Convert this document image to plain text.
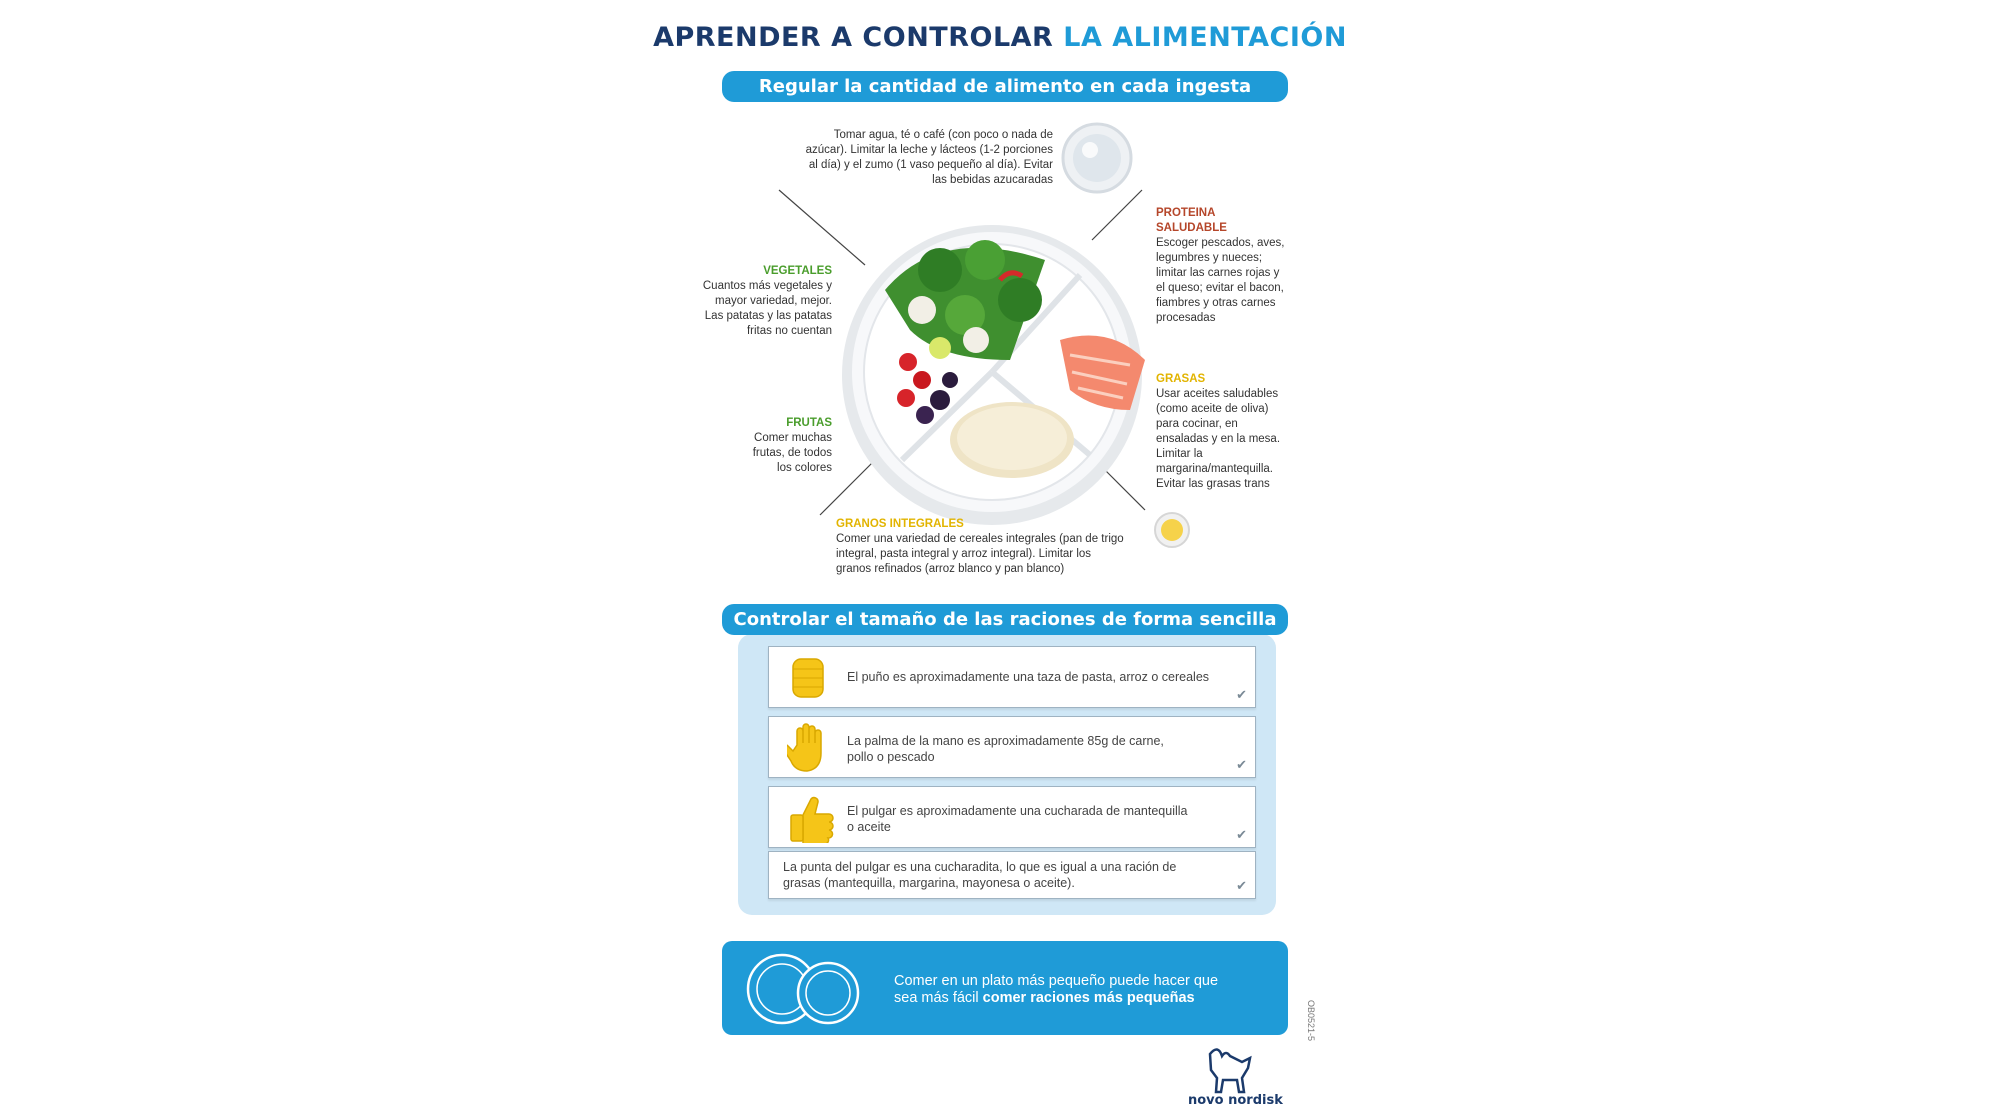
APRENDER A CONTROLAR LA ALIMENTACIÓN
Regular la cantidad de alimento en cada ingesta
Tomar agua, té o café (con poco o nada de azúcar). Limitar la leche y lácteos (1-2 porciones al día) y el zumo (1 vaso pequeño al día). Evitar las bebidas azucaradas
VEGETALES
Cuantos más vegetales y mayor variedad, mejor. Las patatas y las patatas fritas no cuentan
FRUTAS
Comer muchas frutas, de todos los colores
GRANOS INTEGRALES
Comer una variedad de cereales integrales (pan de trigo integral, pasta integral y arroz integral). Limitar los granos refinados (arroz blanco y pan blanco)
PROTEINA SALUDABLE
Escoger pescados, aves, legumbres y nueces; limitar las carnes rojas y el queso; evitar el bacon, fiambres y otras carnes procesadas
GRASAS
Usar aceites saludables (como aceite de oliva) para cocinar, en ensaladas y en la mesa. Limitar la margarina/mantequilla. Evitar las grasas trans
Controlar el tamaño de las raciones de forma sencilla
El puño es aproximadamente una taza de pasta, arroz o cereales
✔
La palma de la mano es aproximadamente 85g de carne,
pollo o pescado	✔
El pulgar es aproximadamente una cucharada de mantequilla
o aceite	✔
La punta del pulgar es una cucharadita, lo que es igual a una ración de
grasas (mantequilla, margarina, mayonesa o aceite).	✔
Comer en un plato más pequeño puede hacer que
sea más fácil comer raciones más pequeñas
OB0521-5
novo nordisk
